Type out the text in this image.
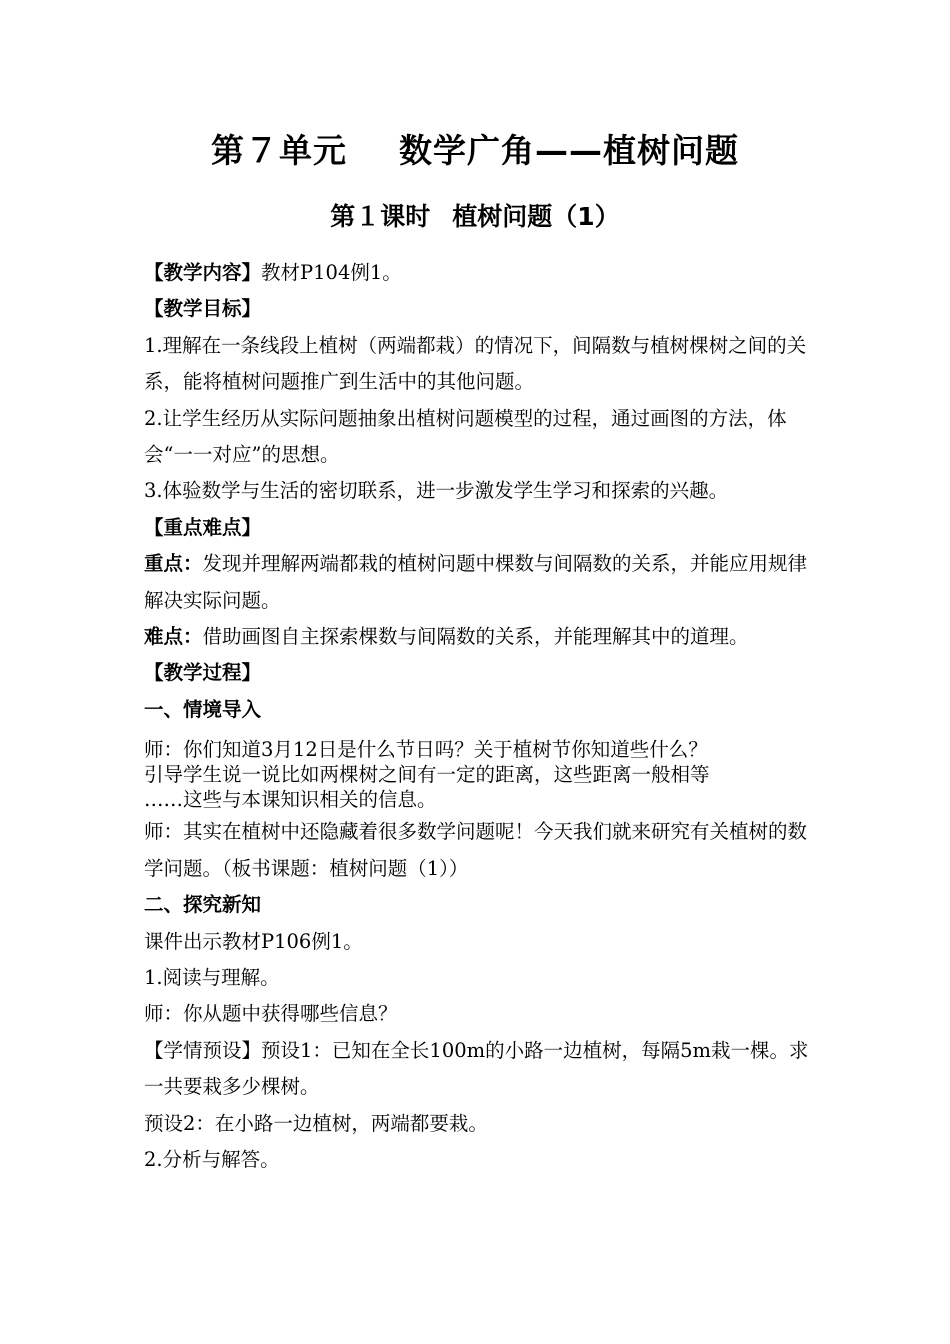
第７单元 数学广角——植树问题
第１课时 植树问题（1）

【教学内容】教材P104例1。

【教学目标】

1.理解在一条线段上植树（两端都栽）的情况下，间隔数与植树棵树之间的关系，能将植树问题推广到生活中的其他问题。

2.让学生经历从实际问题抽象出植树问题模型的过程，通过画图的方法，体会“一一对应”的思想。

3.体验数学与生活的密切联系，进一步激发学生学习和探索的兴趣。

【重点难点】

重点：发现并理解两端都栽的植树问题中棵数与间隔数的关系，并能应用规律解决实际问题。

难点：借助画图自主探索棵数与间隔数的关系，并能理解其中的道理。

【教学过程】

一、情境导入

师：你们知道3月12日是什么节日吗？关于植树节你知道些什么？

引导学生说一说比如两棵树之间有一定的距离，这些距离一般相等

……这些与本课知识相关的信息。

师：其实在植树中还隐藏着很多数学问题呢！今天我们就来研究有关植树的数学问题。（板书课题：植树问题（1））

二、探究新知

课件出示教材P106例1。

1.阅读与理解。

师：你从题中获得哪些信息？

【学情预设】预设1：已知在全长100m的小路一边植树，每隔5m栽一棵。求一共要栽多少棵树。

预设2：在小路一边植树，两端都要栽。

2.分析与解答。
